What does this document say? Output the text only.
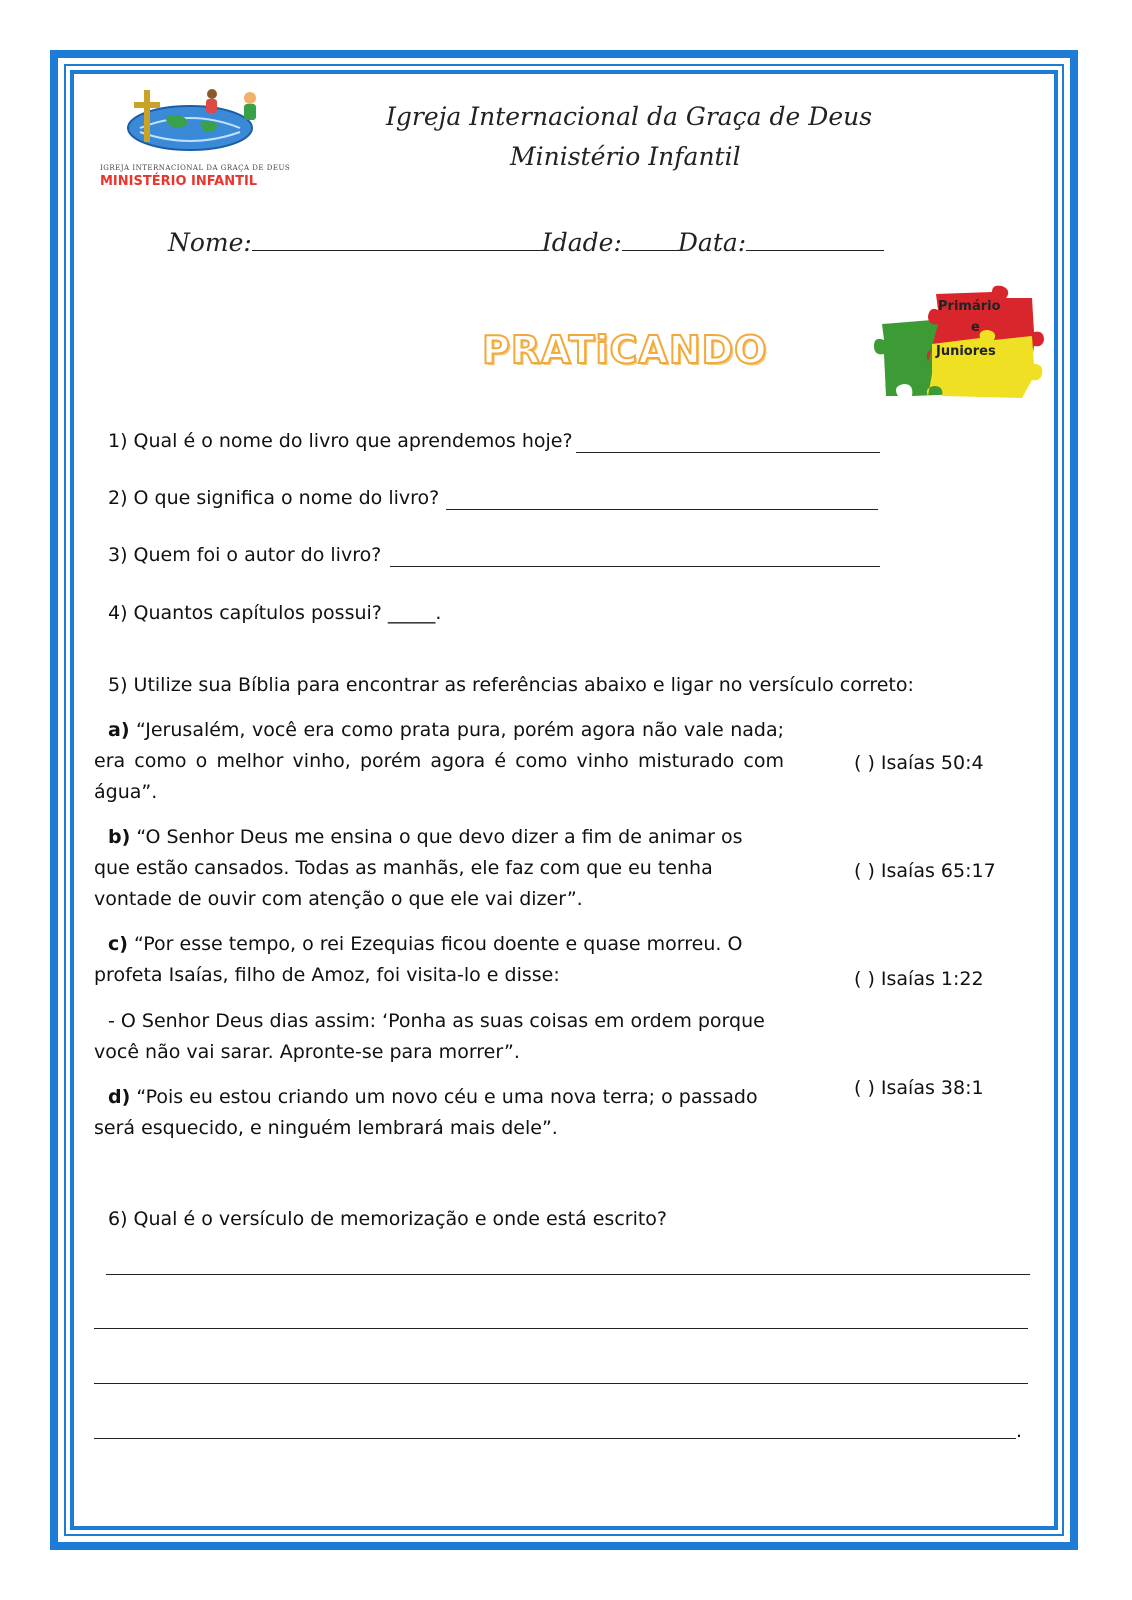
IGREJA INTERNACIONAL DA GRAÇA DE DEUS
MINISTÉRIO INFANTIL
Igreja Internacional da Graça de Deus
Ministério Infantil
Nome:	Idade: Data:
PRATiCANDO
Primário
e
Juniores
1) Qual é o nome do livro que aprendemos hoje?
2) O que significa o nome do livro?
3) Quem foi o autor do livro?
4) Quantos capítulos possui? _____.
5) Utilize sua Bíblia para encontrar as referências abaixo e ligar no versículo correto:
a) “Jerusalém, você era como prata pura, porém agora não vale nada; era como o melhor vinho, porém agora é como vinho misturado com água”.
b) “O Senhor Deus me ensina o que devo dizer a fim de animar os que estão cansados. Todas as manhãs, ele faz com que eu tenha vontade de ouvir com atenção o que ele vai dizer”.
c) “Por esse tempo, o rei Ezequias ficou doente e quase morreu. O profeta Isaías, filho de Amoz, foi visita-lo e disse:
- O Senhor Deus dias assim: ‘Ponha as suas coisas em ordem porque você não vai sarar. Apronte-se para morrer”.
d) “Pois eu estou criando um novo céu e uma nova terra; o passado será esquecido, e ninguém lembrará mais dele”.
( ) Isaías 50:4
( ) Isaías 65:17
( ) Isaías 1:22
( ) Isaías 38:1
6) Qual é o versículo de memorização e onde está escrito?
.
